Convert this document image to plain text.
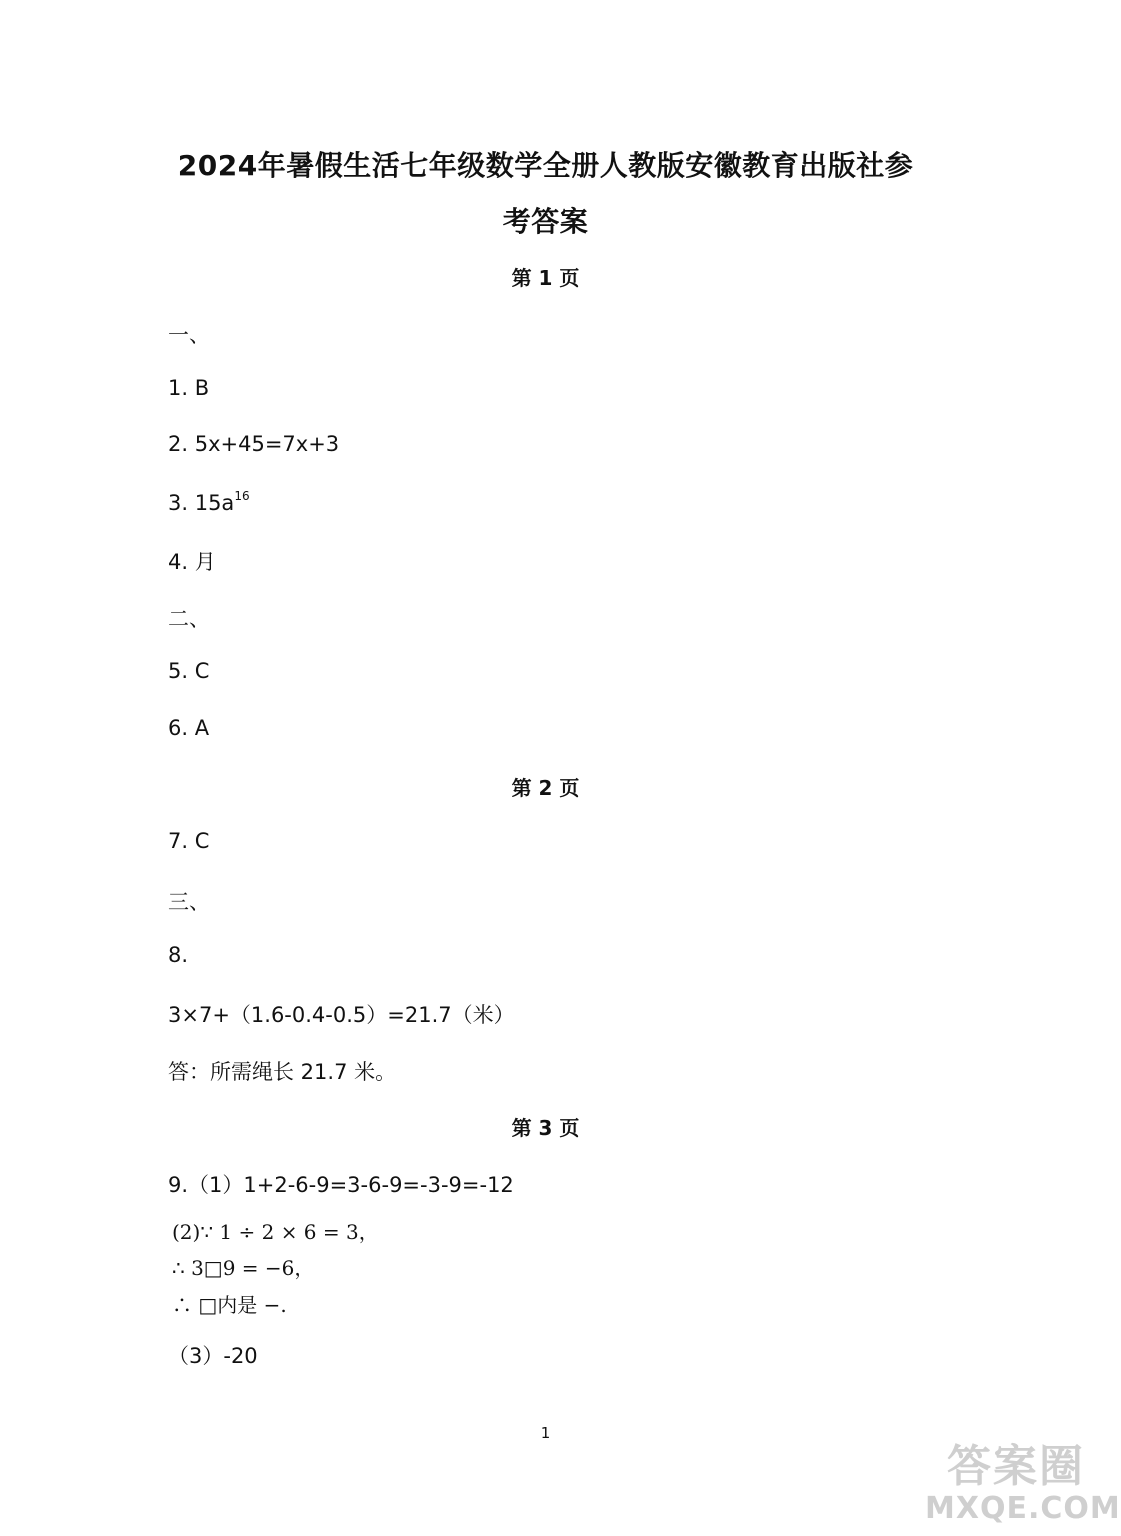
2024年暑假生活七年级数学全册人教版安徽教育出版社参
考答案
第 1 页
一、
1. B
2. 5x+45=7x+3
3. $15a^{16}$
4. 月
二、
5. C
6. A
第 2 页
7. C
三、
8.
3×7+（1.6-0.4-0.5）=21.7（米）
答：所需绳长 21.7 米。
第 3 页
9.（1）1+2-6-9=3-6-9=-3-9=-12
(2)∵ 1 ÷ 2 × 6 = 3，
∴ 3□9 = −6，
∴ □内是 −.
（3）-20
1
答案圈
MXQE.COM
